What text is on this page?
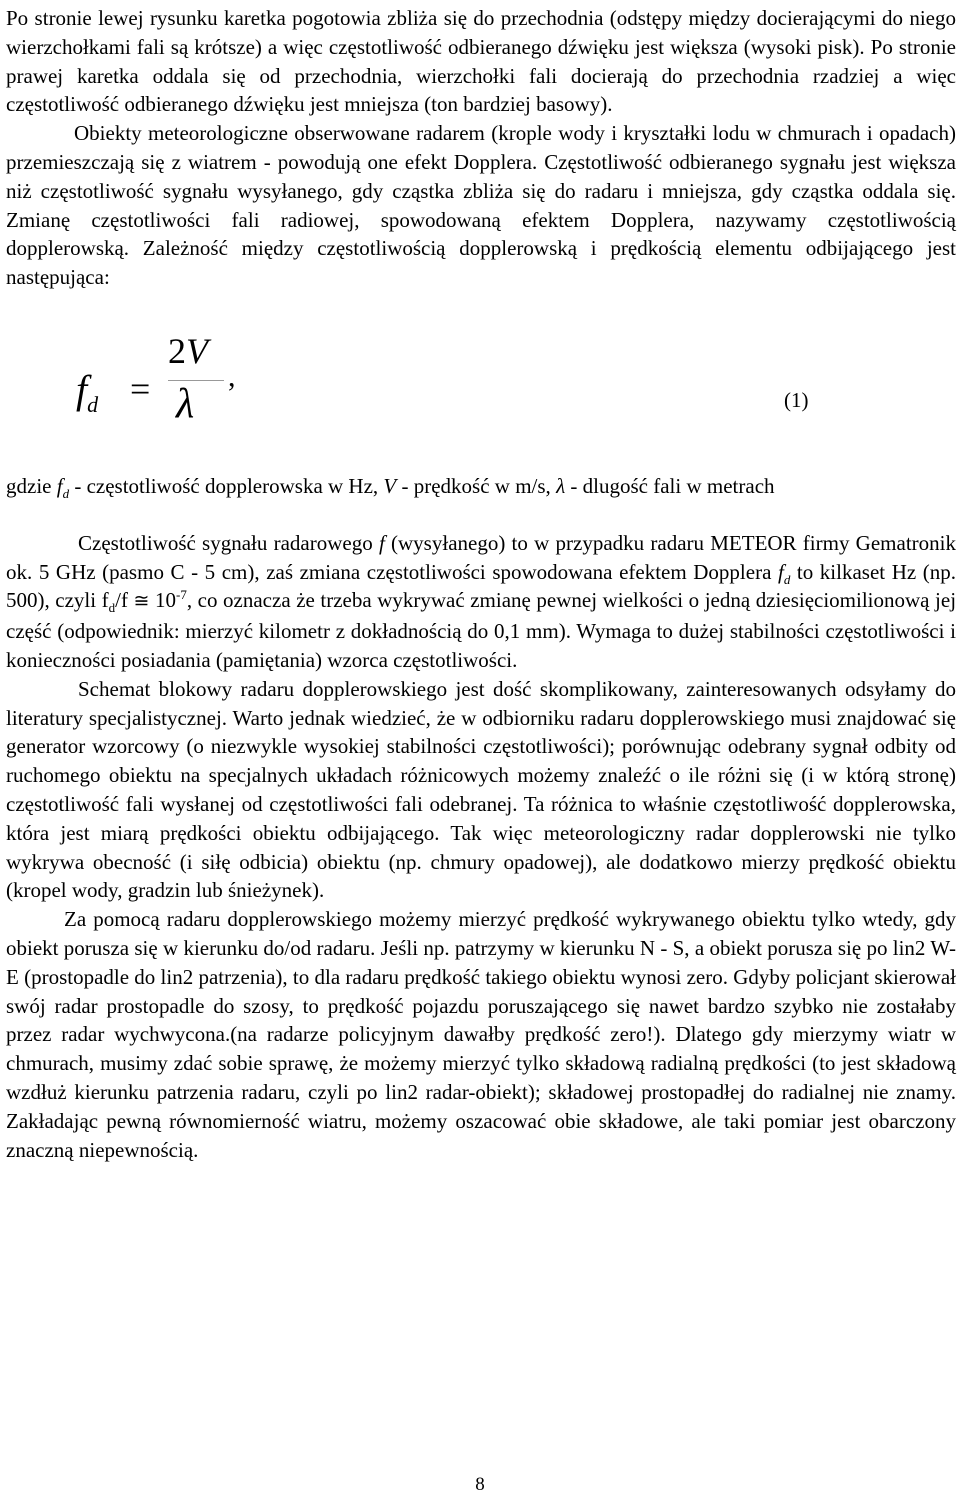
Po stronie lewej rysunku karetka pogotowia zbliża się do przechodnia (odstępy między docierającymi do niego wierzchołkami fali są krótsze) a więc częstotliwość odbieranego dźwięku jest większa (wysoki pisk). Po stronie prawej karetka oddala się od przechodnia, wierzchołki fali docierają do przechodnia rzadziej a więc częstotliwość odbieranego dźwięku jest mniejsza (ton bardziej basowy).

Obiekty meteorologiczne obserwowane radarem (krople wody i kryształki lodu w chmurach i opadach) przemieszczają się z wiatrem - powodują one efekt Dopplera. Częstotliwość odbieranego sygnału jest większa niż częstotliwość sygnału wysyłanego, gdy cząstka zbliża się do radaru i mniejsza, gdy cząstka oddala się. Zmianę częstotliwości fali radiowej, spowodowaną efektem Dopplera, nazywamy częstotliwością dopplerowską. Zależność między częstotliwością dopplerowską i prędkością elementu odbijającego jest następująca:

$f_d$ =
2V
λ
,
(1)

gdzie $f_d$ - częstotliwość dopplerowska w Hz, V - prędkość w m/s, λ - dlugość fali w metrach

Częstotliwość sygnału radarowego f (wysyłanego) to w przypadku radaru METEOR firmy Gematronik ok. 5 GHz (pasmo C - 5 cm), zaś zmiana częstotliwości spowodowana efektem Dopplera $f_d$ to kilkaset Hz (np. 500), czyli $f_d/f$ ≅ $10^{-7}$, co oznacza że trzeba wykrywać zmianę pewnej wielkości o jedną dziesięciomilionową jej część (odpowiednik: mierzyć kilometr z dokładnością do 0,1 mm). Wymaga to dużej stabilności częstotliwości i konieczności posiadania (pamiętania) wzorca częstotliwości.

Schemat blokowy radaru dopplerowskiego jest dość skomplikowany, zainteresowanych odsyłamy do literatury specjalistycznej. Warto jednak wiedzieć, że w odbiorniku radaru dopplerowskiego musi znajdować się generator wzorcowy (o niezwykle wysokiej stabilności częstotliwości); porównując odebrany sygnał odbity od ruchomego obiektu na specjalnych układach różnicowych możemy znaleźć o ile różni się (i w którą stronę) częstotliwość fali wysłanej od częstotliwości fali odebranej. Ta różnica to właśnie częstotliwość dopplerowska, która jest miarą prędkości obiektu odbijającego. Tak więc meteorologiczny radar dopplerowski nie tylko wykrywa obecność (i siłę odbicia) obiektu (np. chmury opadowej), ale dodatkowo mierzy prędkość obiektu (kropel wody, gradzin lub śnieżynek).

Za pomocą radaru dopplerowskiego możemy mierzyć prędkość wykrywanego obiektu tylko wtedy, gdy obiekt porusza się w kierunku do/od radaru. Jeśli np. patrzymy w kierunku N - S, a obiekt porusza się po lin2 W-E (prostopadle do lin2 patrzenia), to dla radaru prędkość takiego obiektu wynosi zero. Gdyby policjant skierował swój radar prostopadle do szosy, to prędkość pojazdu poruszającego się nawet bardzo szybko nie zostałaby przez radar wychwycona.(na radarze policyjnym dawałby prędkość zero!). Dlatego gdy mierzymy wiatr w chmurach, musimy zdać sobie sprawę, że możemy mierzyć tylko składową radialną prędkości (to jest składową wzdłuż kierunku patrzenia radaru, czyli po lin2 radar-obiekt); składowej prostopadłej do radialnej nie znamy. Zakładając pewną równomierność wiatru, możemy oszacować obie składowe, ale taki pomiar jest obarczony znaczną niepewnością.

8
